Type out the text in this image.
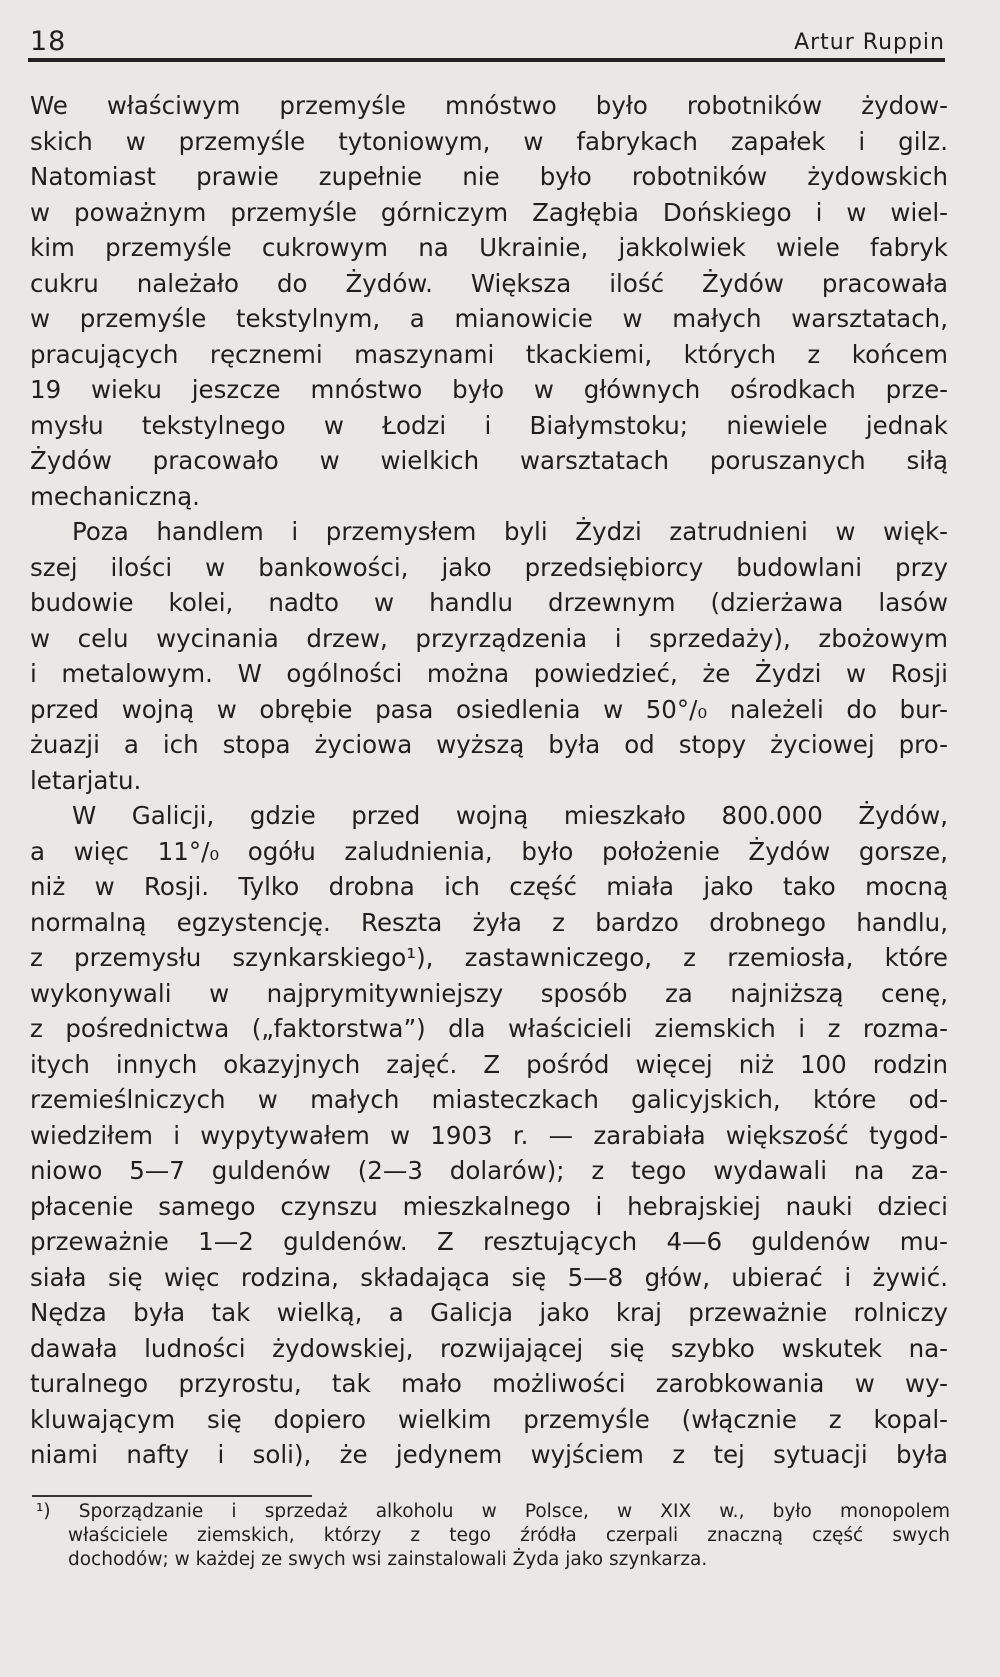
18	Artur Ruppin
We właściwym przemyśle mnóstwo było robotników żydow-
skich w przemyśle tytoniowym, w fabrykach zapałek i gilz.
Natomiast prawie zupełnie nie było robotników żydowskich
w poważnym przemyśle górniczym Zagłębia Dońskiego i w wiel-
kim przemyśle cukrowym na Ukrainie, jakkolwiek wiele fabryk
cukru należało do Żydów. Większa ilość Żydów pracowała
w przemyśle tekstylnym, a mianowicie w małych warsztatach,
pracujących ręcznemi maszynami tkackiemi, których z końcem
19 wieku jeszcze mnóstwo było w głównych ośrodkach prze-
mysłu tekstylnego w Łodzi i Białymstoku; niewiele jednak
Żydów pracowało w wielkich warsztatach poruszanych siłą
mechaniczną.
Poza handlem i przemysłem byli Żydzi zatrudnieni w więk-
szej ilości w bankowości, jako przedsiębiorcy budowlani przy
budowie kolei, nadto w handlu drzewnym (dzierżawa lasów
w celu wycinania drzew, przyrządzenia i sprzedaży), zbożowym
i metalowym. W ogólności można powiedzieć, że Żydzi w Rosji
przed wojną w obrębie pasa osiedlenia w 50°/₀ należeli do bur-
żuazji a ich stopa życiowa wyższą była od stopy życiowej pro-
letarjatu.
W Galicji, gdzie przed wojną mieszkało 800.000 Żydów,
a więc 11°/₀ ogółu zaludnienia, było położenie Żydów gorsze,
niż w Rosji. Tylko drobna ich część miała jako tako mocną
normalną egzystencję. Reszta żyła z bardzo drobnego handlu,
z przemysłu szynkarskiego¹), zastawniczego, z rzemiosła, które
wykonywali w najprymitywniejszy sposób za najniższą cenę,
z pośrednictwa („faktorstwa”) dla właścicieli ziemskich i z rozma-
itych innych okazyjnych zajęć. Z pośród więcej niż 100 rodzin
rzemieślniczych w małych miasteczkach galicyjskich, które od-
wiedziłem i wypytywałem w 1903 r. — zarabiała większość tygod-
niowo 5—7 guldenów (2—3 dolarów); z tego wydawali na za-
płacenie samego czynszu mieszkalnego i hebrajskiej nauki dzieci
przeważnie 1—2 guldenów. Z resztujących 4—6 guldenów mu-
siała się więc rodzina, składająca się 5—8 głów, ubierać i żywić.
Nędza była tak wielką, a Galicja jako kraj przeważnie rolniczy
dawała ludności żydowskiej, rozwijającej się szybko wskutek na-
turalnego przyrostu, tak mało możliwości zarobkowania w wy-
kluwającym się dopiero wielkim przemyśle (włącznie z kopal-
niami nafty i soli), że jedynem wyjściem z tej sytuacji była
¹) Sporządzanie i sprzedaż alkoholu w Polsce, w XIX w., było monopolem
właściciele ziemskich, którzy z tego źródła czerpali znaczną część swych
dochodów; w każdej ze swych wsi zainstalowali Żyda jako szynkarza.
